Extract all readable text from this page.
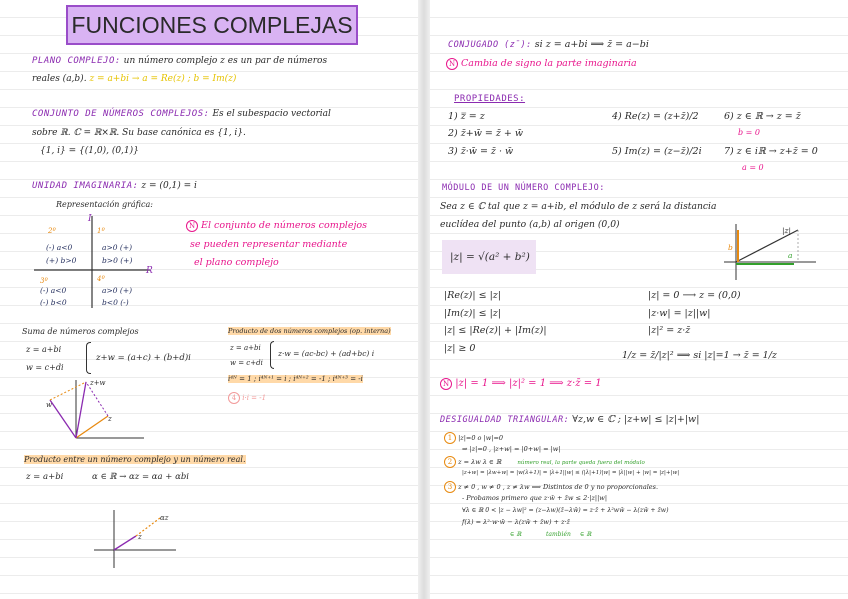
FUNCIONES COMPLEJAS
PLANO COMPLEJO: un número complejo z es un par de números
reales (a,b). z = a+bi → a = Re(z) ; b = Im(z)
CONJUNTO DE NÚMEROS COMPLEJOS: Es el subespacio vectorial
sobre ℝ. ℂ = ℝ×ℝ. Su base canónica es {1, i}.
{1, i} = {(1,0), (0,1)}
UNIDAD IMAGINARIA: z = (0,1) = i
Representación gráfica:
I
R
1º
2º
3º	4º
a>0 (+)
b>0 (+)
(-) a<0
(+) b>0
(-) a<0
(-) b<0
a>0 (+)
b<0 (-)
N El conjunto de números complejos
se pueden representar mediante
el plano complejo
Suma de números complejos
z = a+bi
w = c+di
z+w = (a+c) + (b+d)i
z+w
w
z
Producto de dos números complejos (op. interna)
z = a+bi
w = c+di
z·w = (ac-bc) + (ad+bc) i
i⁴ᴺ = 1 ; i⁴ᴺ⁺¹ = i ; i⁴ᴺ⁺² = -1 ; i⁴ᴺ⁺³ = -i
4 i·i = -1
Producto entre un número complejo y un número real.
z = a+bi	α ∈ ℝ → αz = αa + αbi
αz
z
CONJUGADO (z̄): si z = a+bi ⟹ z̄ = a−bi
N Cambia de signo la parte imaginaria
PROPIEDADES:
1) z̿ = z
2) z̄+w̄ = z̄ + w̄
3) z̄·w̄ = z̄ · w̄
4) Re(z) = (z+z̄)/2
5) Im(z) = (z−z̄)/2i
6) z ∈ ℝ → z = z̄
b = 0
7) z ∈ iℝ → z+z̄ = 0
a = 0
MÓDULO DE UN NÚMERO COMPLEJO:
Sea z ∈ ℂ tal que z = a+ib, el módulo de z será la distancia
euclídea del punto (a,b) al origen (0,0)
|z| = √(a² + b²)
|z|
a
b
|Re(z)| ≤ |z|
|Im(z)| ≤ |z|
|z| ≤ |Re(z)| + |Im(z)|
|z| ≥ 0
|z| = 0 ⟶ z = (0,0)
|z·w| = |z||w|
|z|² = z·z̄
1/z = z̄/|z|² ⟹ si |z|=1 → z̄ = 1/z
N |z| = 1 ⟹ |z|² = 1 ⟹ z·z̄ = 1
DESIGUALDAD TRIANGULAR: ∀z,w ∈ ℂ ; |z+w| ≤ |z|+|w|
1 |z|=0 o |w|=0
⇒ |z|=0 , |z+w| = |0+w| = |w|
2 z = λw λ ∈ ℝ	número real, la parte queda fuera del módulo
|z+w| = |λw+w| = |w(λ+1)| = |λ+1||w| ≤ (|λ|+1)|w| = |λ||w| + |w| = |z|+|w|
3 z ≠ 0 , w ≠ 0 , z ≠ λw ⟹ Distintos de 0 y no proporcionales.
- Probamos primero que z·w̄ + z̄w ≤ 2·|z||w|
∀λ ∈ ℝ 0 < |z − λw|² = (z−λw)(z̄−λw̄) = z·z̄ + λ²ww̄ − λ(zw̄ + z̄w)
f(λ) = λ²·w·w̄ − λ(zw̄ + z̄w) + z·z̄
∈ ℝ	también ∈ ℝ
